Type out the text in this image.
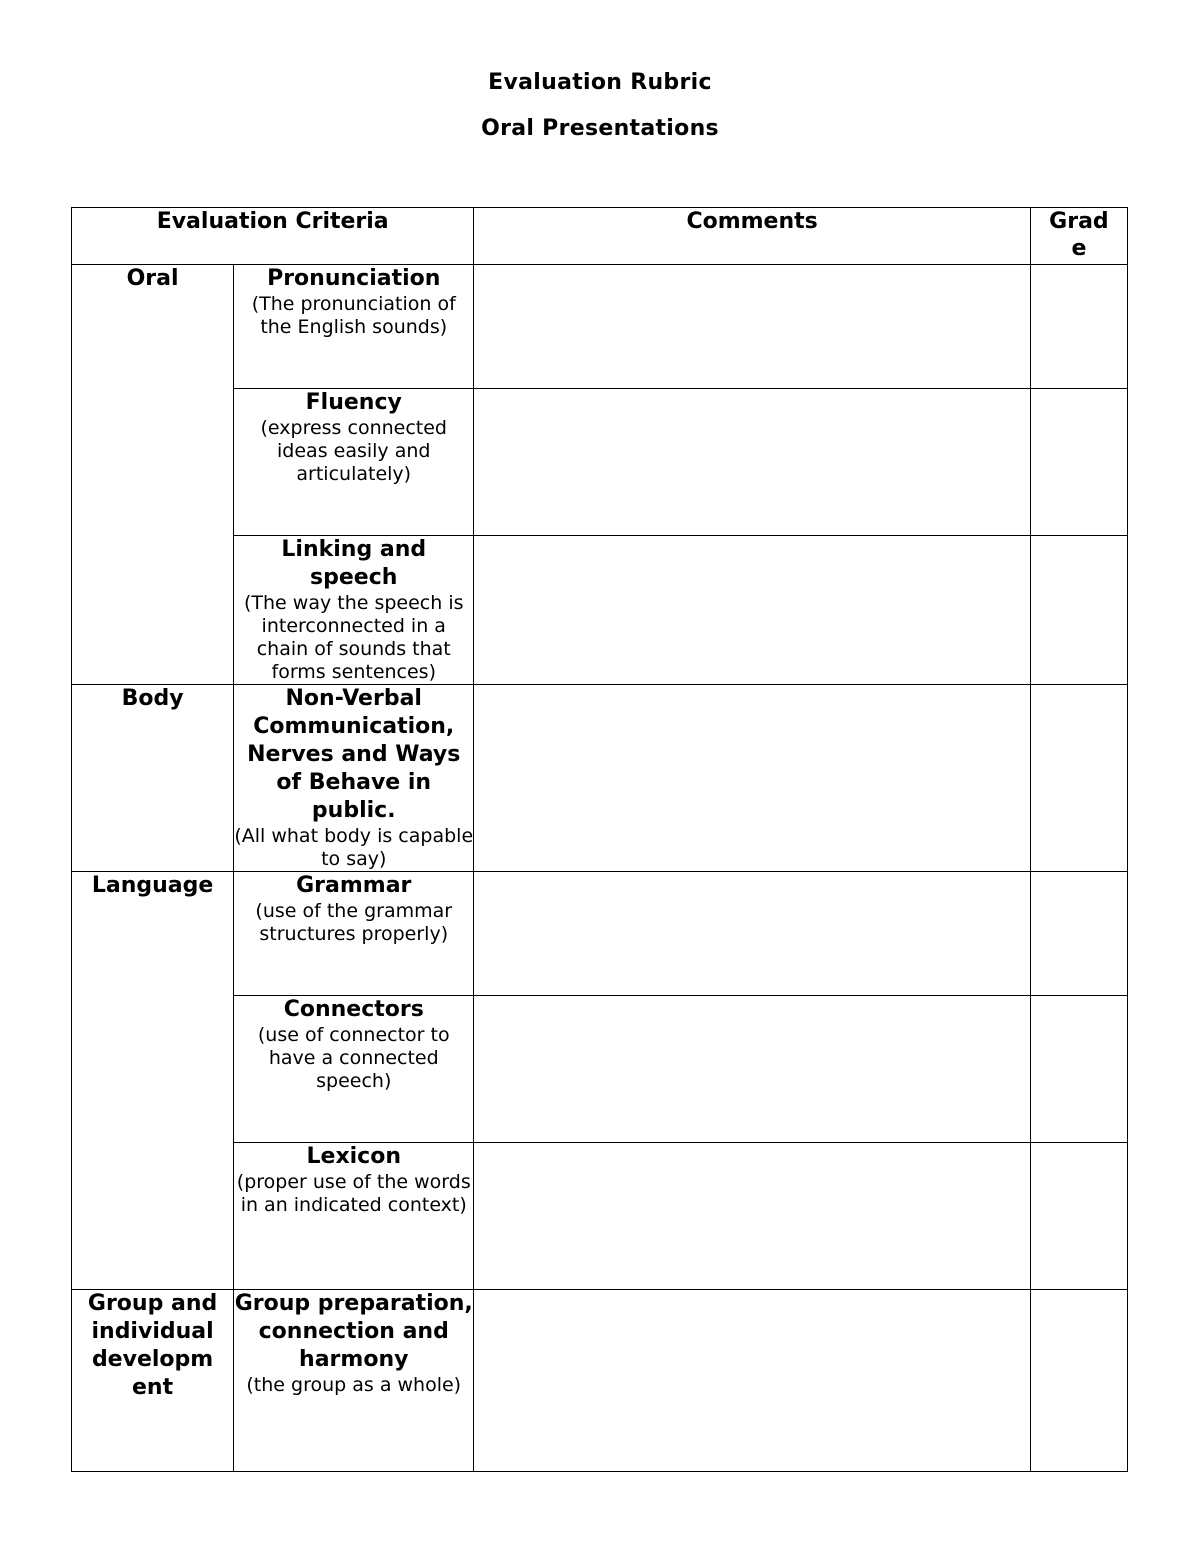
Evaluation Rubric
Oral Presentations
Evaluation Criteria		Comments	Grad e
Oral	Pronunciation
(The pronunciation of the English sounds)		

	Fluency
(express connected ideas easily and articulately)		

	Linking and speech
(The way the speech is interconnected in a chain of sounds that forms sentences)		

Body	Non-Verbal Communication, Nerves and Ways of Behave in public.
(All what body is capable to say)		

Language	Grammar
(use of the grammar structures properly)		

	Connectors
(use of connector to have a connected speech)		

	Lexicon
(proper use of the words in an indicated context)		

Group and individual developm ent	Group preparation, connection and harmony
(the group as a whole)		
